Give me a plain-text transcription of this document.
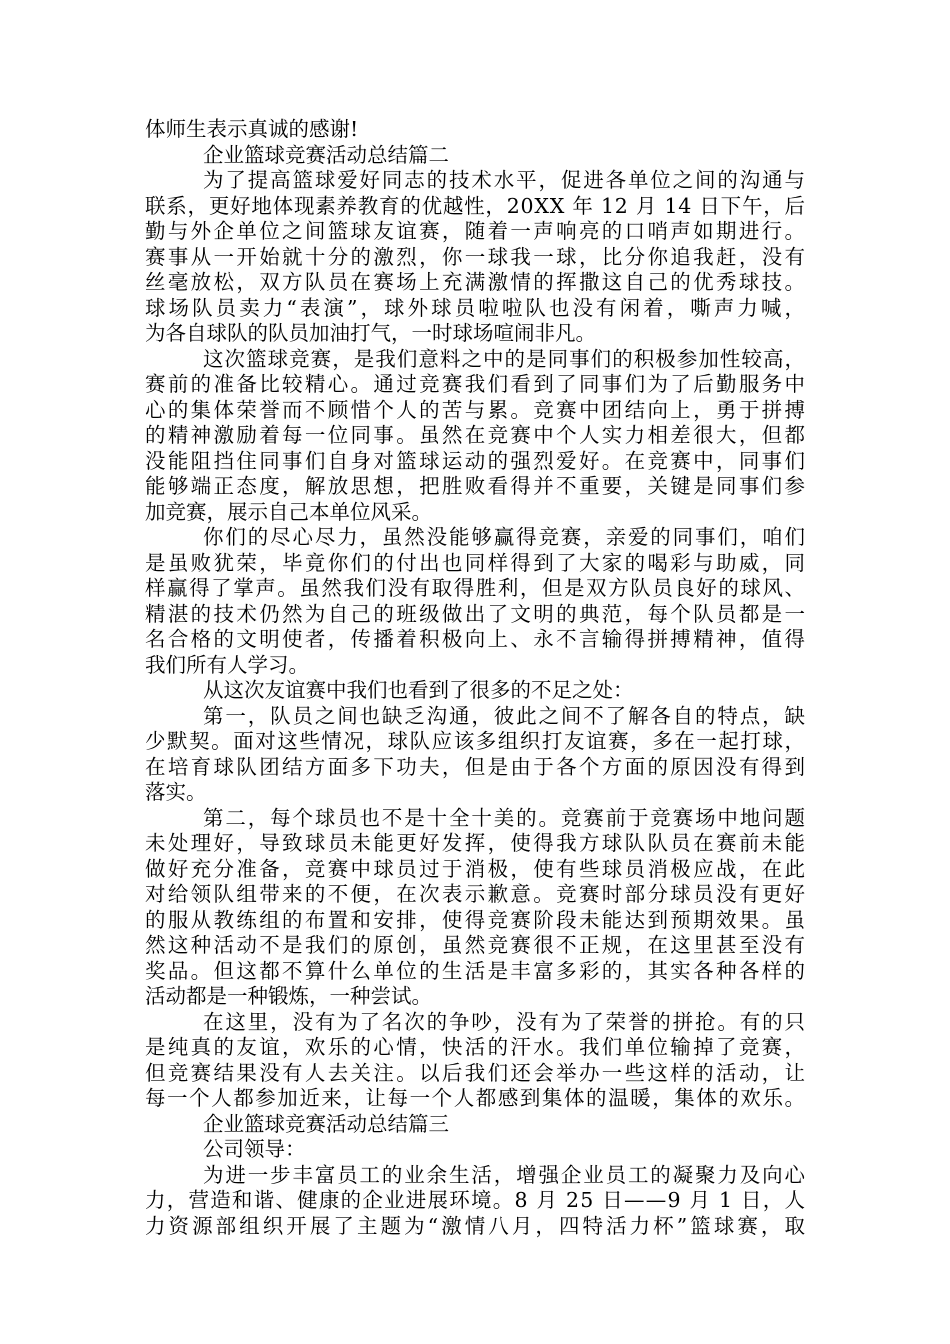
体师生表示真诚的感谢!
企业篮球竞赛活动总结篇二
为了提高篮球爱好同志的技术水平，促进各单位之间的沟通与
联系，更好地体现素养教育的优越性，20XX 年 12 月 14 日下午，后
勤与外企单位之间篮球友谊赛，随着一声响亮的口哨声如期进行。
赛事从一开始就十分的激烈，你一球我一球，比分你追我赶，没有
丝毫放松，双方队员在赛场上充满激情的挥撒这自己的优秀球技。
球场队员卖力“表演”，球外球员啦啦队也没有闲着，嘶声力喊，
为各自球队的队员加油打气，一时球场喧闹非凡。
这次篮球竞赛，是我们意料之中的是同事们的积极参加性较高，
赛前的准备比较精心。通过竞赛我们看到了同事们为了后勤服务中
心的集体荣誉而不顾惜个人的苦与累。竞赛中团结向上，勇于拼搏
的精神激励着每一位同事。虽然在竞赛中个人实力相差很大，但都
没能阻挡住同事们自身对篮球运动的强烈爱好。在竞赛中，同事们
能够端正态度，解放思想，把胜败看得并不重要，关键是同事们参
加竞赛，展示自己本单位风采。
你们的尽心尽力，虽然没能够赢得竞赛，亲爱的同事们，咱们
是虽败犹荣，毕竟你们的付出也同样得到了大家的喝彩与助威，同
样赢得了掌声。虽然我们没有取得胜利，但是双方队员良好的球风、
精湛的技术仍然为自己的班级做出了文明的典范，每个队员都是一
名合格的文明使者，传播着积极向上、永不言输得拼搏精神，值得
我们所有人学习。
从这次友谊赛中我们也看到了很多的不足之处：
第一，队员之间也缺乏沟通，彼此之间不了解各自的特点，缺
少默契。面对这些情况，球队应该多组织打友谊赛，多在一起打球，
在培育球队团结方面多下功夫，但是由于各个方面的原因没有得到
落实。
第二，每个球员也不是十全十美的。竞赛前于竞赛场中地问题
未处理好，导致球员未能更好发挥，使得我方球队队员在赛前未能
做好充分准备，竞赛中球员过于消极，使有些球员消极应战，在此
对给领队组带来的不便，在次表示歉意。竞赛时部分球员没有更好
的服从教练组的布置和安排，使得竞赛阶段未能达到预期效果。虽
然这种活动不是我们的原创，虽然竞赛很不正规，在这里甚至没有
奖品。但这都不算什么单位的生活是丰富多彩的，其实各种各样的
活动都是一种锻炼，一种尝试。
在这里，没有为了名次的争吵，没有为了荣誉的拼抢。有的只
是纯真的友谊，欢乐的心情，快活的汗水。我们单位输掉了竞赛，
但竞赛结果没有人去关注。以后我们还会举办一些这样的活动，让
每一个人都参加近来，让每一个人都感到集体的温暖，集体的欢乐。
企业篮球竞赛活动总结篇三
公司领导：
为进一步丰富员工的业余生活，增强企业员工的凝聚力及向心
力，营造和谐、健康的企业进展环境。8 月 25 日——9 月 1 日，人
力资源部组织开展了主题为“激情八月，四特活力杯”篮球赛，取
